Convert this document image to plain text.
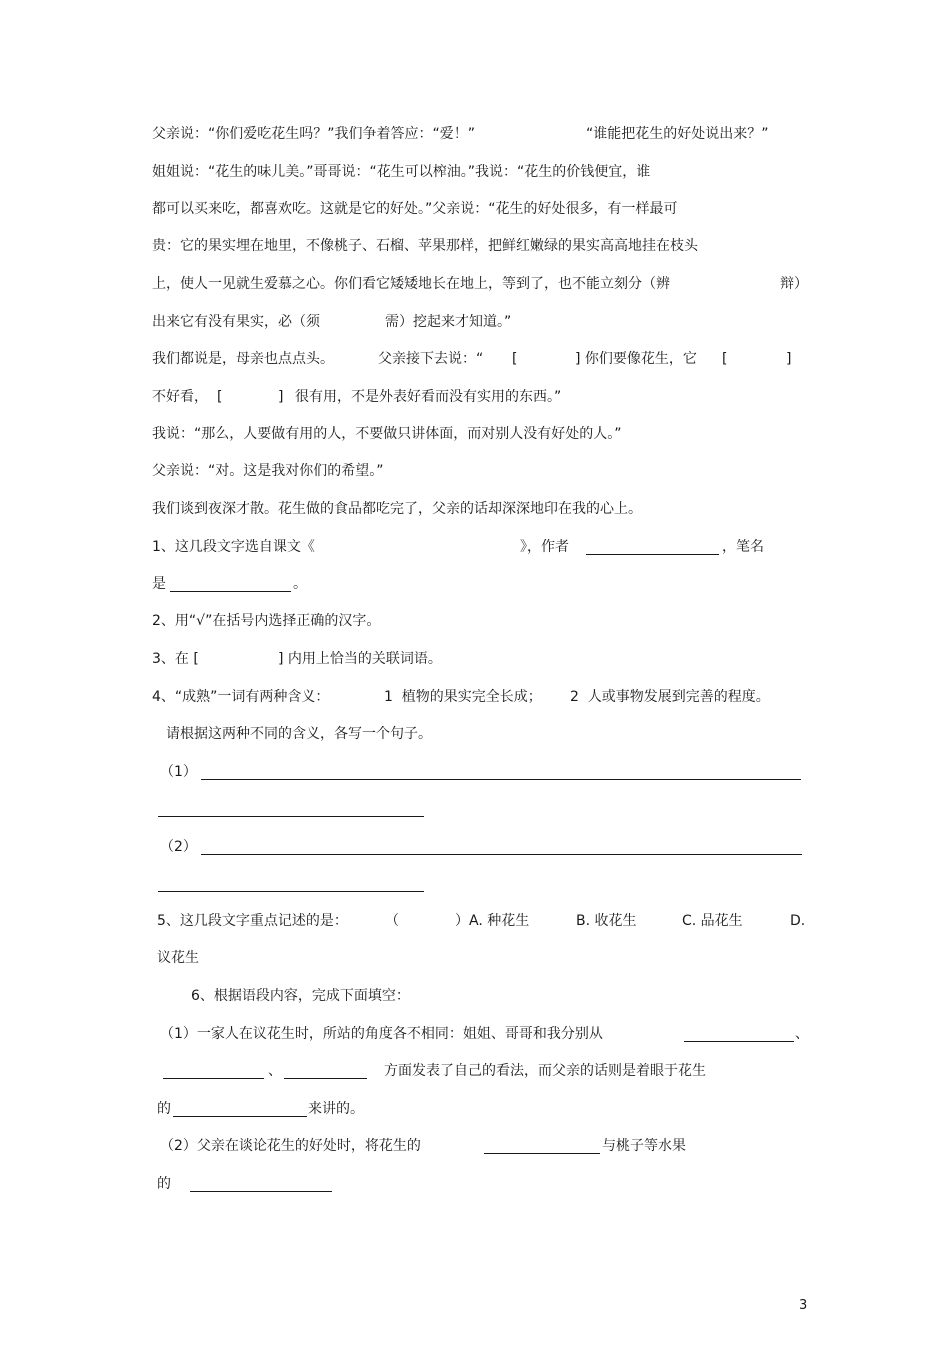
父亲说：“你们爱吃花生吗？”我们争着答应：“爱！”	“谁能把花生的好处说出来？”
姐姐说：“花生的味儿美。”哥哥说：“花生可以榨油。”我说：“花生的价钱便宜，谁
都可以买来吃，都喜欢吃。这就是它的好处。”父亲说：“花生的好处很多，有一样最可
贵：它的果实埋在地里，不像桃子、石榴、苹果那样，把鲜红嫩绿的果实高高地挂在枝头
上，使人一见就生爱慕之心。你们看它矮矮地长在地上，等到了，也不能立刻分（辨	辩）
出来它有没有果实，必（须	需）挖起来才知道。”
我们都说是，母亲也点点头。	父亲接下去说：“ [	] 你们要像花生，它 [	]
不好看， [	] 很有用，不是外表好看而没有实用的东西。”
我说：“那么，人要做有用的人，不要做只讲体面，而对别人没有好处的人。”
父亲说：“对。这是我对你们的希望。”
我们谈到夜深才散。花生做的食品都吃完了，父亲的话却深深地印在我的心上。
1、这几段文字选自课文《	》，作者	，笔名
是	。
2、用“√”在括号内选择正确的汉字。
3、在 [	] 内用上恰当的关联词语。
4、“成熟”一词有两种含义：	1  植物的果实完全长成； 2  人或事物发展到完善的程度。
请根据这两种不同的含义，各写一个句子。
（1）
（2）
5、这几段文字重点记述的是：	（	）A. 种花生	B. 收花生	C. 品花生	D.
议花生
6、根据语段内容，完成下面填空：
（1）一家人在议花生时，所站的角度各不相同：姐姐、哥哥和我分别从	、
、	方面发表了自己的看法，而父亲的话则是着眼于花生
的	来讲的。
（2）父亲在谈论花生的好处时，将花生的	与桃子等水果
的
3
